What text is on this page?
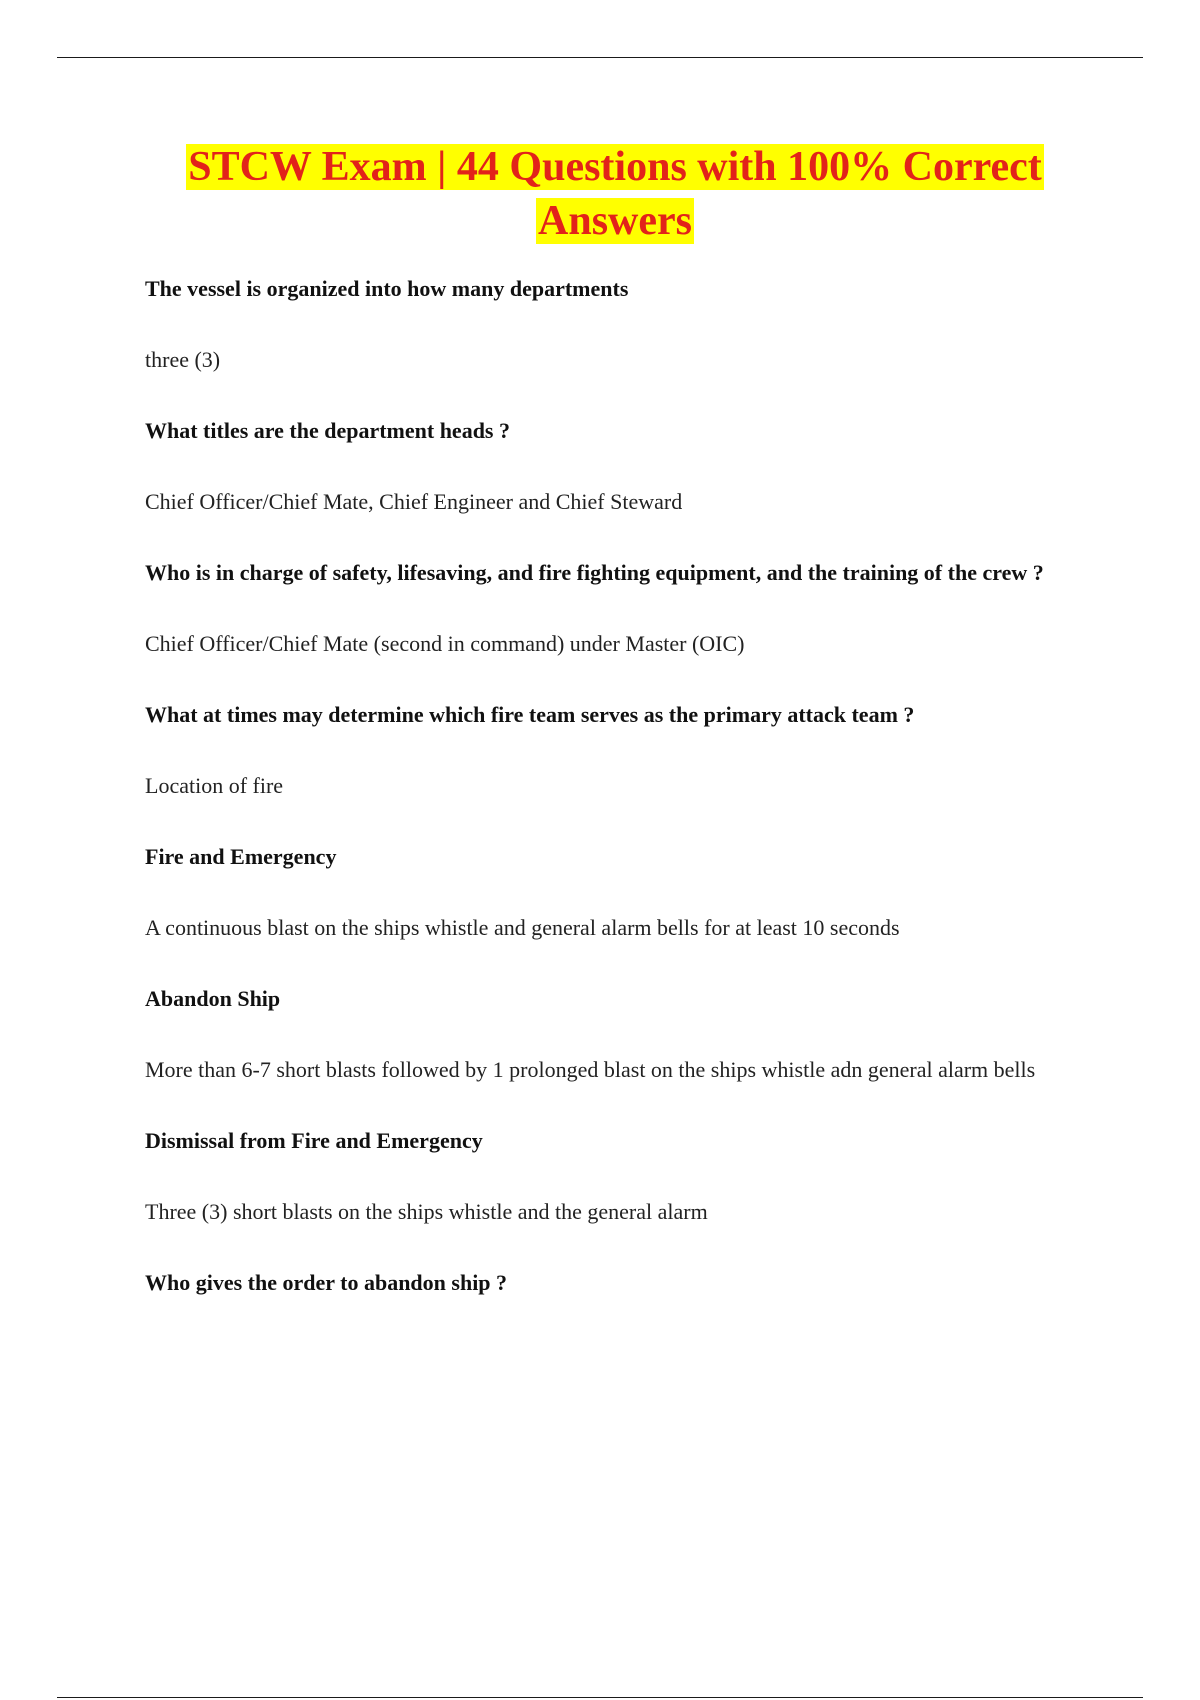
STCW Exam | 44 Questions with 100% Correct
Answers

The vessel is organized into how many departments

three (3)

What titles are the department heads ?

Chief Officer/Chief Mate, Chief Engineer and Chief Steward

Who is in charge of safety, lifesaving, and fire fighting equipment, and the training of the crew ?

Chief Officer/Chief Mate (second in command) under Master (OIC)

What at times may determine which fire team serves as the primary attack team ?

Location of fire

Fire and Emergency

A continuous blast on the ships whistle and general alarm bells for at least 10 seconds

Abandon Ship

More than 6-7 short blasts followed by 1 prolonged blast on the ships whistle adn general alarm bells

Dismissal from Fire and Emergency

Three (3) short blasts on the ships whistle and the general alarm

Who gives the order to abandon ship ?
